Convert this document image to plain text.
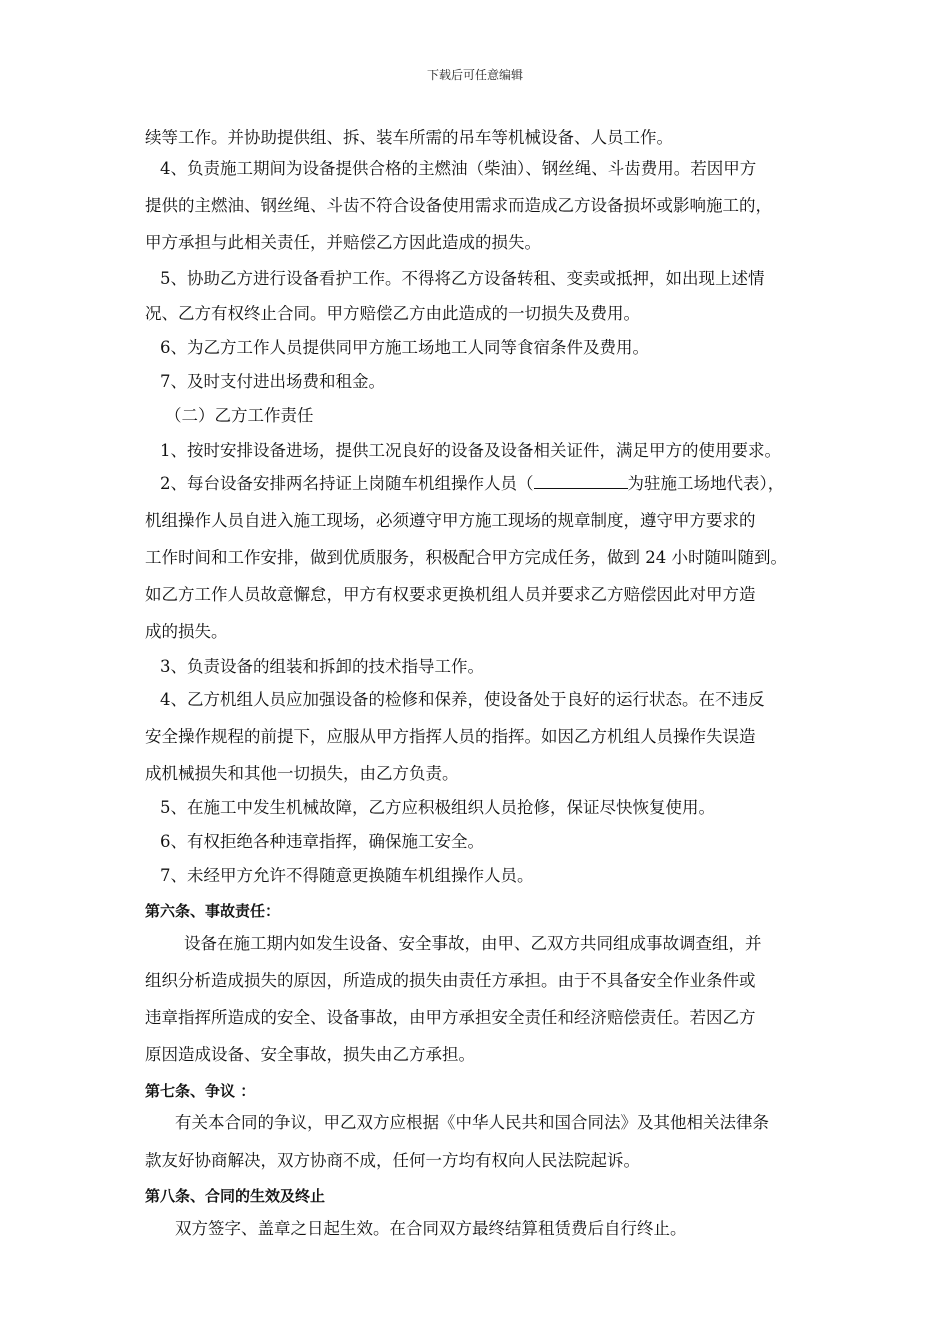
下载后可任意编辑
续等工作。并协助提供组、拆、装车所需的吊车等机械设备、人员工作。
4、负责施工期间为设备提供合格的主燃油（柴油）、钢丝绳、斗齿费用。若因甲方
提供的主燃油、钢丝绳、斗齿不符合设备使用需求而造成乙方设备损坏或影响施工的，
甲方承担与此相关责任，并赔偿乙方因此造成的损失。
5、协助乙方进行设备看护工作。不得将乙方设备转租、变卖或抵押，如出现上述情
况、乙方有权终止合同。甲方赔偿乙方由此造成的一切损失及费用。
6、为乙方工作人员提供同甲方施工场地工人同等食宿条件及费用。
7、及时支付进出场费和租金。
（二）乙方工作责任
1、按时安排设备进场，提供工况良好的设备及设备相关证件，满足甲方的使用要求。
2、每台设备安排两名持证上岗随车机组操作人员（	为驻施工场地代表），
机组操作人员自进入施工现场，必须遵守甲方施工现场的规章制度，遵守甲方要求的
工作时间和工作安排，做到优质服务，积极配合甲方完成任务，做到 24 小时随叫随到。
如乙方工作人员故意懈怠，甲方有权要求更换机组人员并要求乙方赔偿因此对甲方造
成的损失。
3、负责设备的组装和拆卸的技术指导工作。
4、乙方机组人员应加强设备的检修和保养，使设备处于良好的运行状态。在不违反
安全操作规程的前提下，应服从甲方指挥人员的指挥。如因乙方机组人员操作失误造
成机械损失和其他一切损失，由乙方负责。
5、在施工中发生机械故障，乙方应积极组织人员抢修，保证尽快恢复使用。
6、有权拒绝各种违章指挥，确保施工安全。
7、未经甲方允许不得随意更换随车机组操作人员。
第六条、事故责任：
设备在施工期内如发生设备、安全事故，由甲、乙双方共同组成事故调查组，并
组织分析造成损失的原因，所造成的损失由责任方承担。由于不具备安全作业条件或
违章指挥所造成的安全、设备事故，由甲方承担安全责任和经济赔偿责任。若因乙方
原因造成设备、安全事故，损失由乙方承担。
第七条、争议 ：
有关本合同的争议，甲乙双方应根据《中华人民共和国合同法》及其他相关法律条
款友好协商解决，双方协商不成，任何一方均有权向人民法院起诉。
第八条、合同的生效及终止
双方签字、盖章之日起生效。在合同双方最终结算租赁费后自行终止。
